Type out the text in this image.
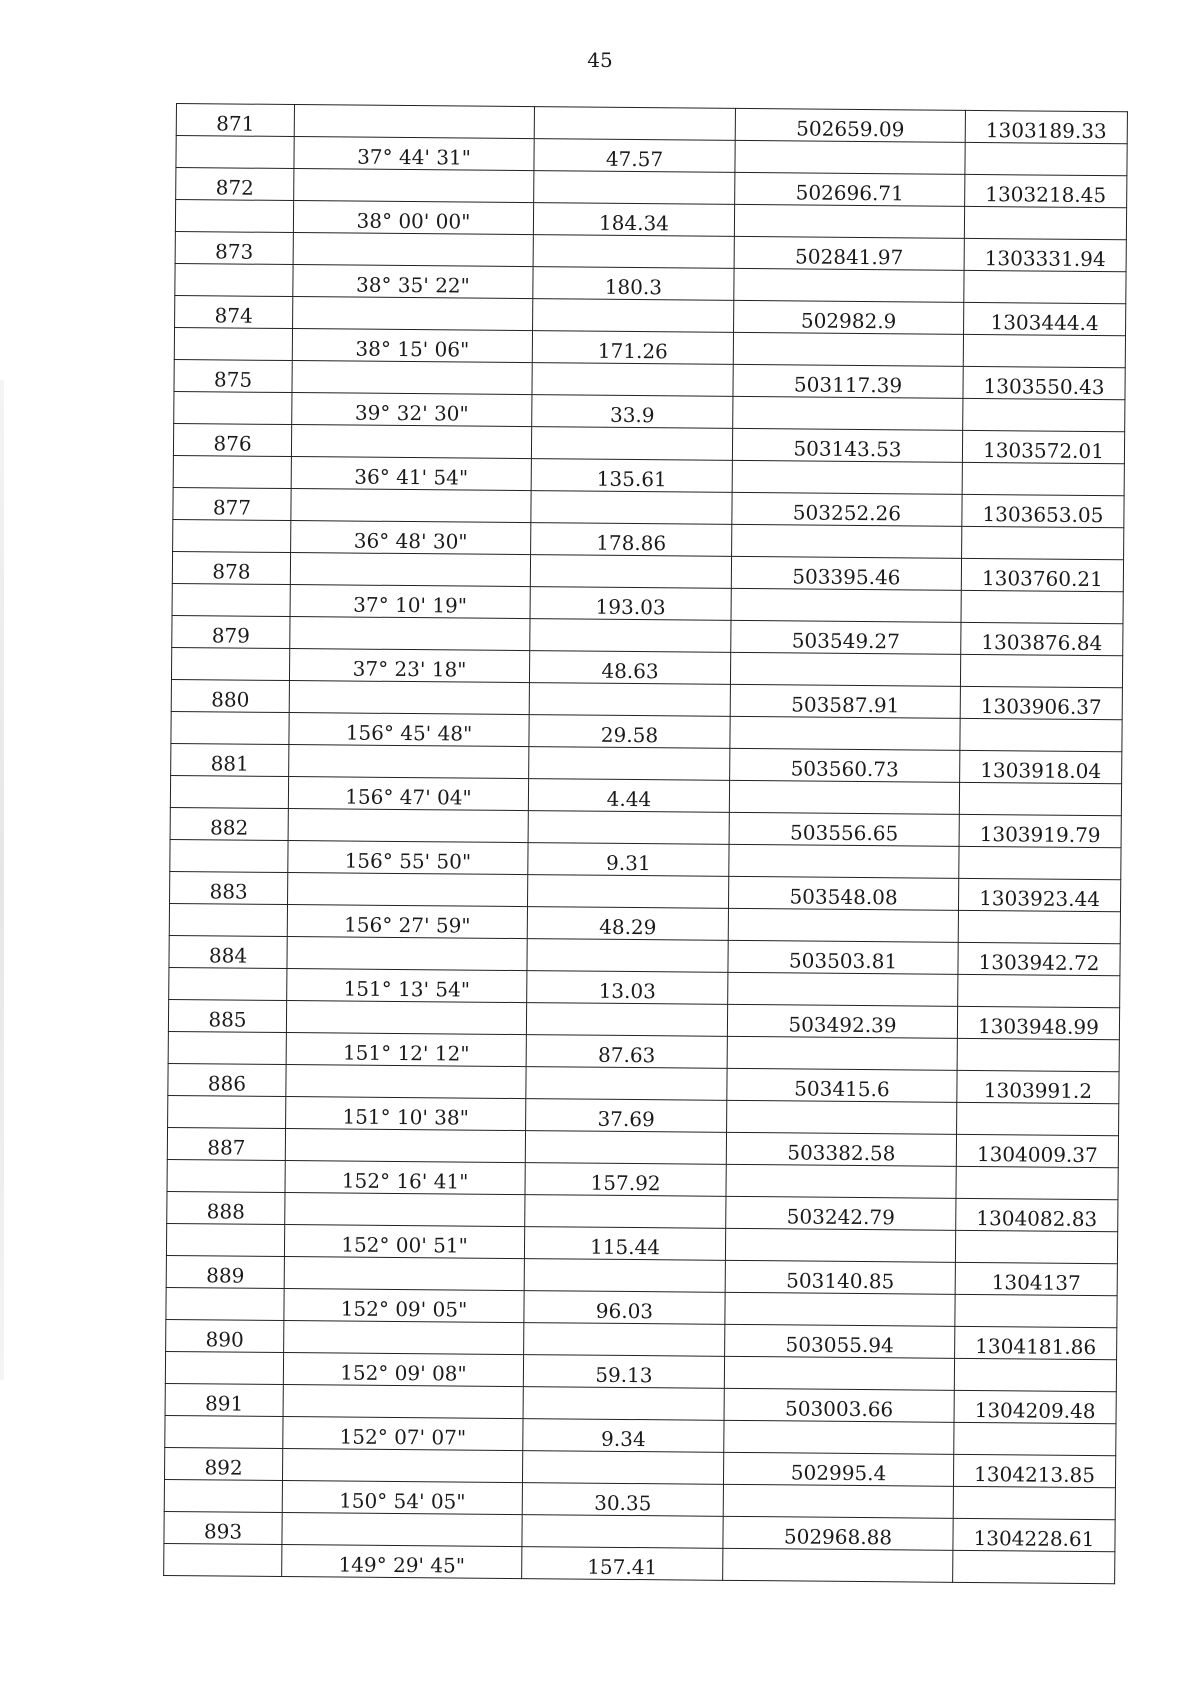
45
871			502659.09	1303189.33
	37° 44' 31"	47.57		
872			502696.71	1303218.45
	38° 00' 00"	184.34		
873			502841.97	1303331.94
	38° 35' 22"	180.3		
874			502982.9	1303444.4
	38° 15' 06"	171.26		
875			503117.39	1303550.43
	39° 32' 30"	33.9		
876			503143.53	1303572.01
	36° 41' 54"	135.61		
877			503252.26	1303653.05
	36° 48' 30"	178.86		
878			503395.46	1303760.21
	37° 10' 19"	193.03		
879			503549.27	1303876.84
	37° 23' 18"	48.63		
880			503587.91	1303906.37
	156° 45' 48"	29.58		
881			503560.73	1303918.04
	156° 47' 04"	4.44		
882			503556.65	1303919.79
	156° 55' 50"	9.31		
883			503548.08	1303923.44
	156° 27' 59"	48.29		
884			503503.81	1303942.72
	151° 13' 54"	13.03		
885			503492.39	1303948.99
	151° 12' 12"	87.63		
886			503415.6	1303991.2
	151° 10' 38"	37.69		
887			503382.58	1304009.37
	152° 16' 41"	157.92		
888			503242.79	1304082.83
	152° 00' 51"	115.44		
889			503140.85	1304137
	152° 09' 05"	96.03		
890			503055.94	1304181.86
	152° 09' 08"	59.13		
891			503003.66	1304209.48
	152° 07' 07"	9.34		
892			502995.4	1304213.85
	150° 54' 05"	30.35		
893			502968.88	1304228.61
	149° 29' 45"	157.41		
